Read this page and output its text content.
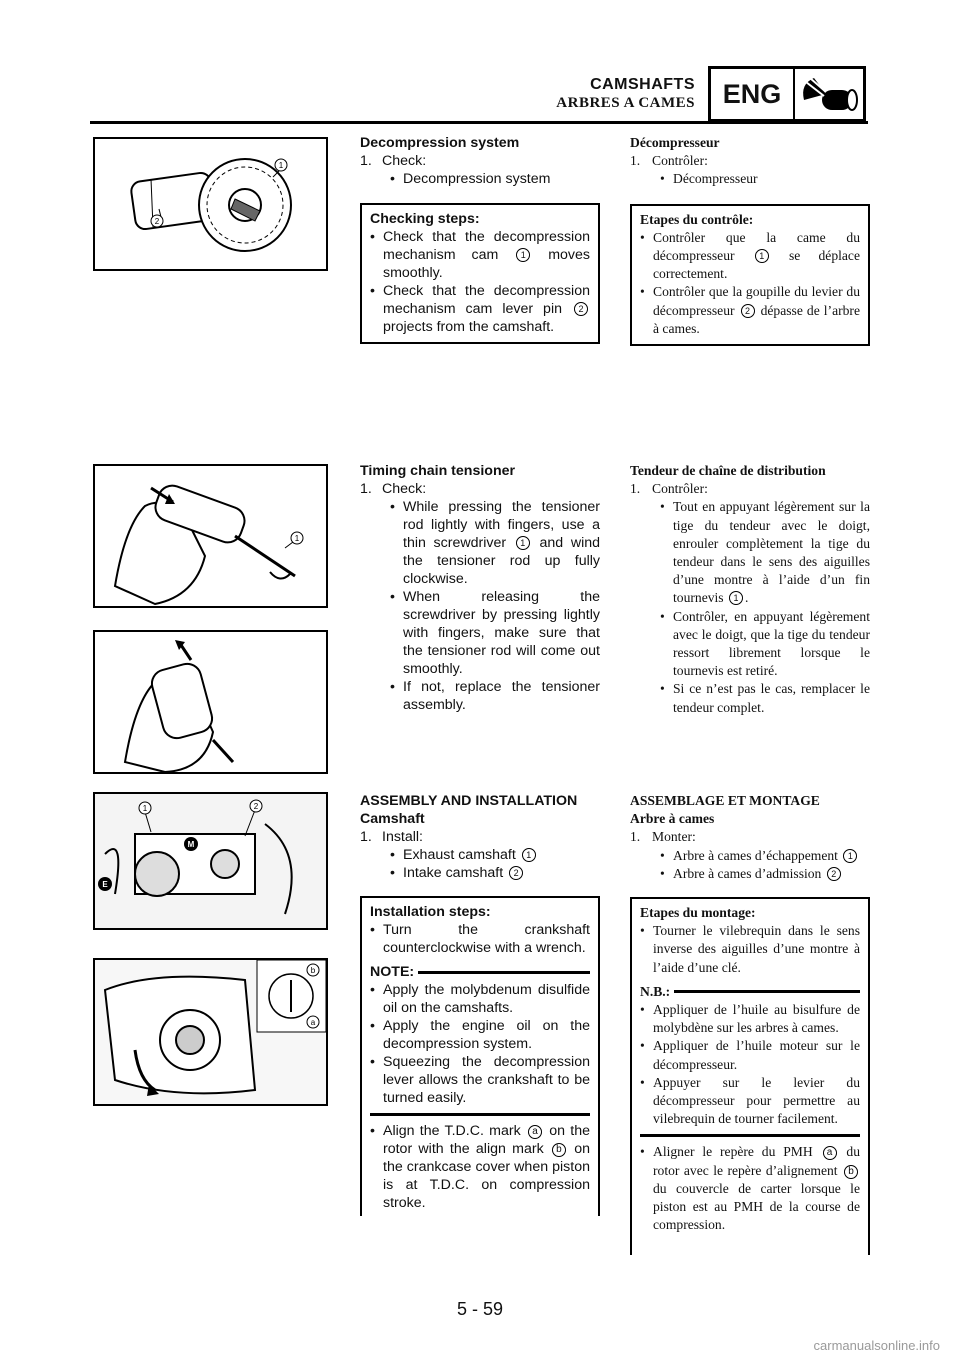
CAMSHAFTS
ARBRES A CAMES	ENG
1
2
1
1	2
M
E
b
a

Decompression system

1. Check:

• Decompression system

Checking steps:

• Check that the decompression mechanism cam 1 moves smoothly.
• Check that the decompression mechanism cam lever pin 2 projects from the camshaft.

Décompresseur

1. Contrôler:

• Décompresseur

Etapes du contrôle:

• Contrôler que la came du décompresseur	1 se déplace correctement.
• Contrôler que la goupille du levier du décompresseur 2 dépasse de l’arbre à cames.

Timing chain tensioner

1. Check:

• While pressing the tensioner rod lightly with fingers, use a thin screwdriver 1 and wind the tensioner rod up fully clockwise.
• When releasing the screwdriver by pressing lightly with fingers, make sure that the tensioner rod will come out smoothly.
• If not, replace the tensioner assembly.

Tendeur de chaîne de distribution

1. Contrôler:

• Tout en appuyant légèrement sur la tige du tendeur avec le doigt, enrouler complètement la tige du tendeur dans le sens des aiguilles d’une montre à l’aide d’un fin tournevis 1 .
• Contrôler, en appuyant légèrement avec le doigt, que la tige du tendeur ressort librement lorsque le tournevis est retiré.
• Si ce n’est pas le cas, remplacer le tendeur complet.

ASSEMBLY AND INSTALLATION

Camshaft

1. Install:

• Exhaust camshaft 1
• Intake camshaft 2

Installation steps:

• Turn the crankshaft counterclockwise with a wrench.
NOTE:
• Apply the molybdenum disulfide oil on the camshafts.
• Apply the engine oil on the decompression system.
• Squeezing the decompression lever allows the crankshaft to be turned easily.
• Align the T.D.C. mark a on the rotor with the align mark b on the crankcase cover when piston is at T.D.C. on compression stroke.

ASSEMBLAGE ET MONTAGE

Arbre à cames

1. Monter:

• Arbre à cames d’échappement 1
• Arbre à cames d’admission 2

Etapes du montage:

• Tourner le vilebrequin dans le sens inverse des aiguilles d’une montre à l’aide d’une clé.
N.B.:
• Appliquer de l’huile au bisulfure de molybdène sur les arbres à cames.
• Appliquer de l’huile moteur sur le décompresseur.
• Appuyer sur le levier du décompresseur pour permettre au vilebrequin de tourner facilement.
• Aligner le repère du PMH a du rotor avec le repère d’alignement b du couvercle de carter lorsque le piston est au PMH de la course de compression.
5 - 59
carmanualsonline.info
